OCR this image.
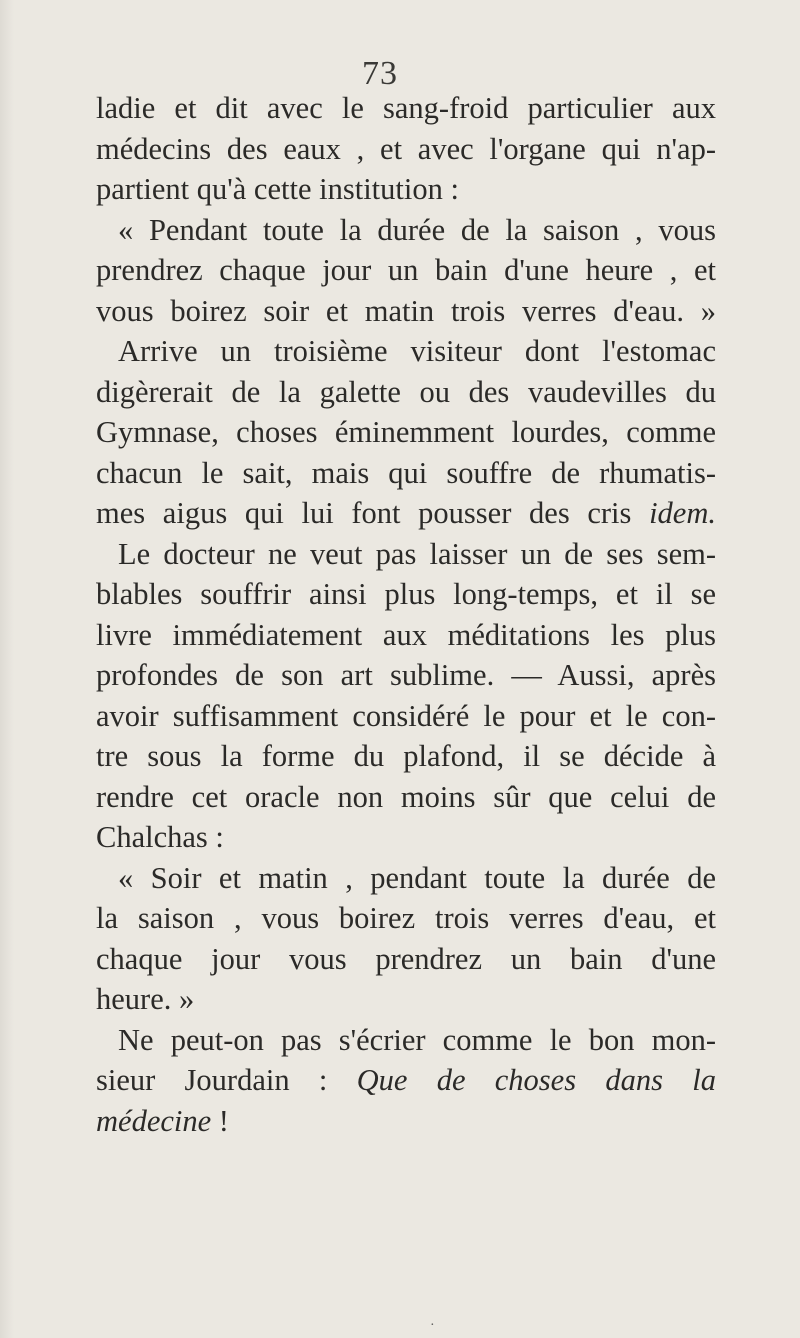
73
ladie et dit avec le sang-froid particulier aux
médecins des eaux , et avec l'organe qui n'ap-
partient qu'à cette institution :
« Pendant toute la durée de la saison , vous
prendrez chaque jour un bain d'une heure , et
vous boirez soir et matin trois verres d'eau. »
Arrive un troisième visiteur dont l'estomac
digèrerait de la galette ou des vaudevilles du
Gymnase, choses éminemment lourdes, comme
chacun le sait, mais qui souffre de rhumatis-
mes aigus qui lui font pousser des cris idem.
Le docteur ne veut pas laisser un de ses sem-
blables souffrir ainsi plus long-temps, et il se
livre immédiatement aux méditations les plus
profondes de son art sublime. — Aussi, après
avoir suffisamment considéré le pour et le con-
tre sous la forme du plafond, il se décide à
rendre cet oracle non moins sûr que celui de
Chalchas :
« Soir et matin , pendant toute la durée de
la saison , vous boirez trois verres d'eau, et
chaque jour vous prendrez un bain d'une
heure. »
Ne peut-on pas s'écrier comme le bon mon-
sieur Jourdain : Que de choses dans la
médecine !
·
